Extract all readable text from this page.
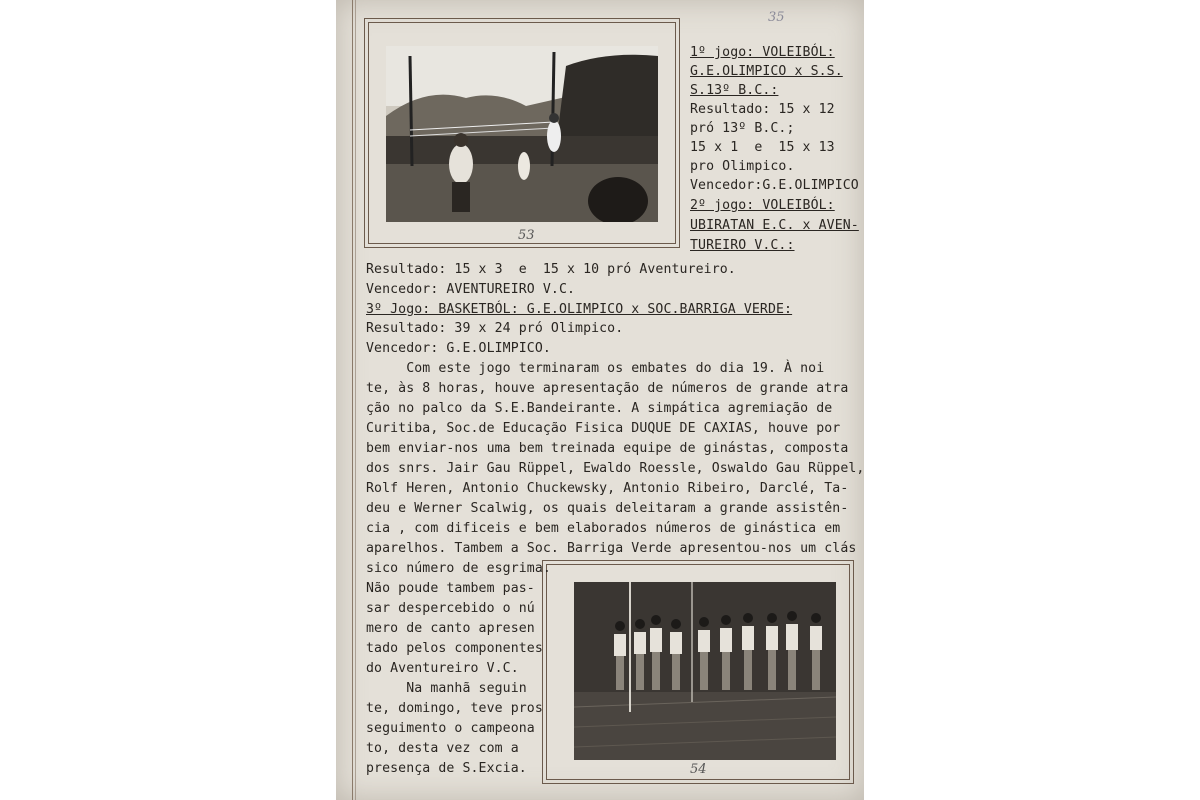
35
53
1º jogo: VOLEIBÓL:
G.E.OLIMPICO x S.S.
S.13º B.C.:
Resultado: 15 x 12
pró 13º B.C.;
15 x 1  e  15 x 13
pro Olimpico.
Vencedor:G.E.OLIMPICO
2º jogo: VOLEIBÓL:
UBIRATAN E.C. x AVEN-
TUREIRO V.C.:
Resultado: 15 x 3  e  15 x 10 pró Aventureiro.
Vencedor: AVENTUREIRO V.C.
3º Jogo: BASKETBÓL: G.E.OLIMPICO x SOC.BARRIGA VERDE:
Resultado: 39 x 24 pró Olimpico.
Vencedor: G.E.OLIMPICO.
Com este jogo terminaram os embates do dia 19. À noi
te, às 8 horas, houve apresentação de números de grande atra
ção no palco da S.E.Bandeirante. A simpática agremiação de
Curitiba, Soc.de Educação Fisica DUQUE DE CAXIAS, houve por
bem enviar-nos uma bem treinada equipe de ginástas, composta
dos snrs. Jair Gau Rüppel, Ewaldo Roessle, Oswaldo Gau Rüppel,
Rolf Heren, Antonio Chuckewsky, Antonio Ribeiro, Darclé, Ta-
deu e Werner Scalwig, os quais deleitaram a grande assistên-
cia , com dificeis e bem elaborados números de ginástica em
aparelhos. Tambem a Soc. Barriga Verde apresentou-nos um clás
54
sico número de esgrima.
Não poude tambem pas-
sar despercebido o nú
mero de canto apresen
tado pelos componentes
do Aventureiro V.C.
Na manhã seguin
te, domingo, teve pros
seguimento o campeona
to, desta vez com a
presença de S.Excia.
